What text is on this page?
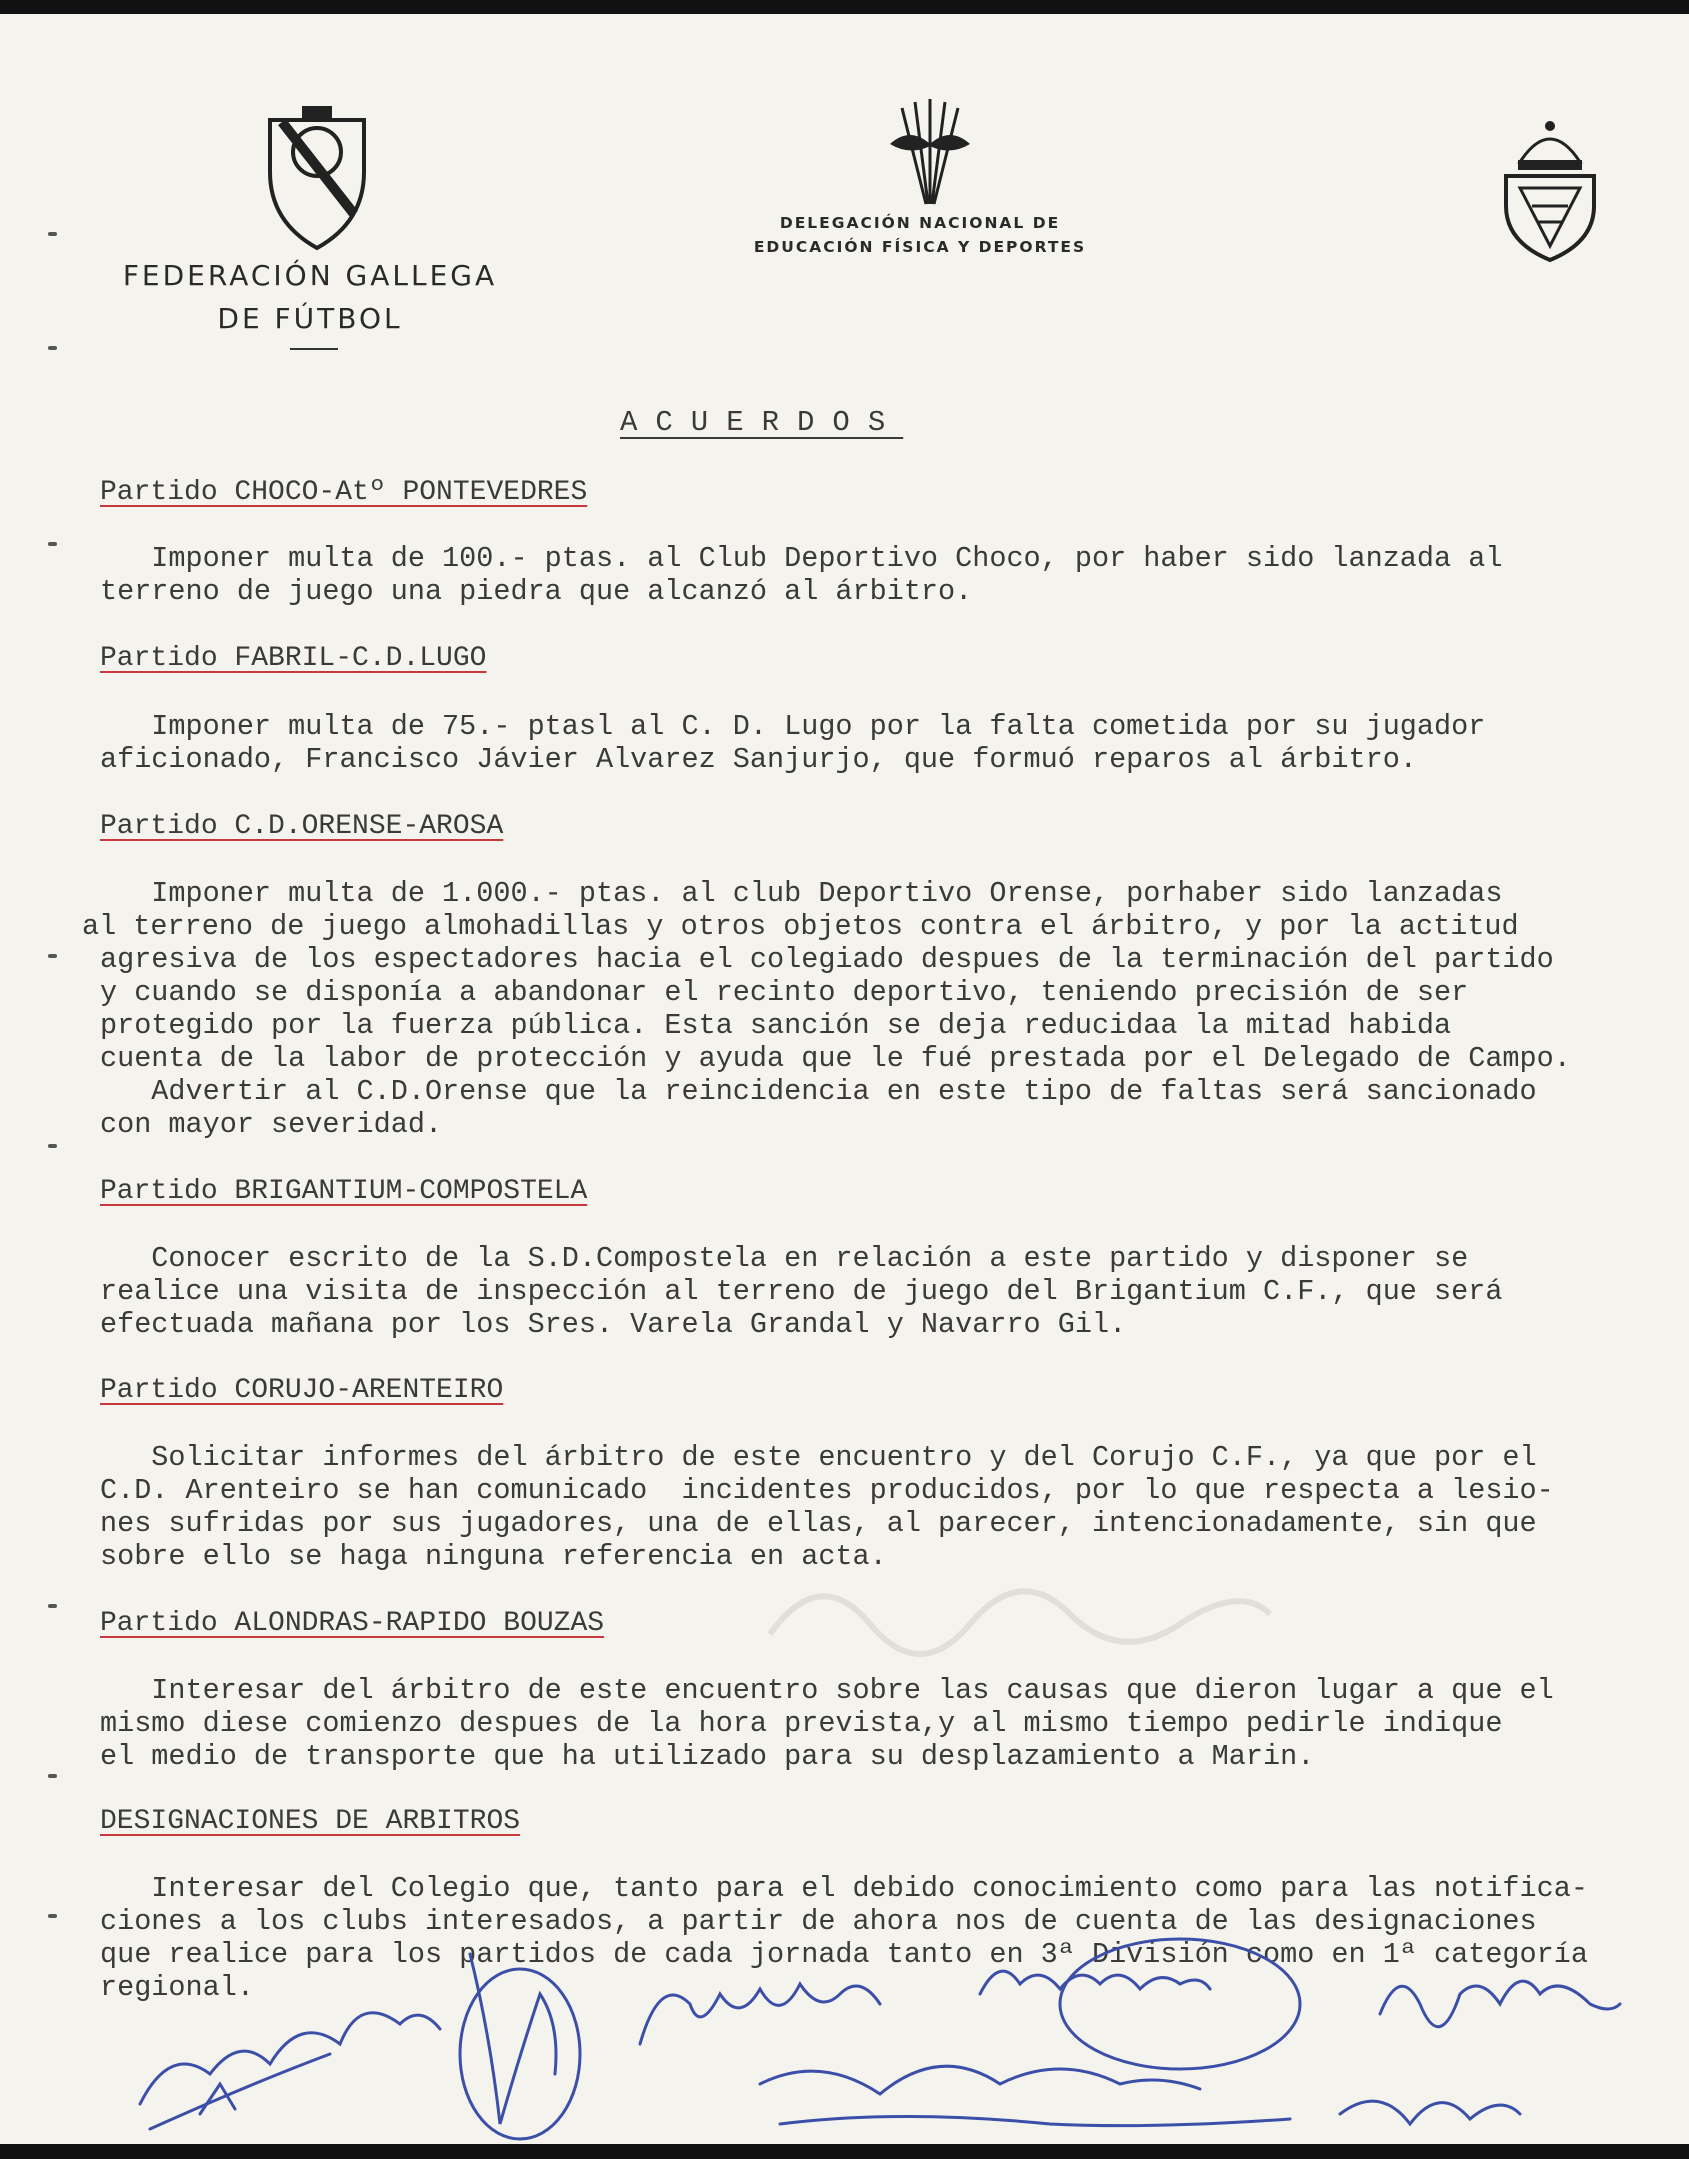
FEDERACIÓN GALLEGA
DE FÚTBOL
DELEGACIÓN NACIONAL DE
EDUCACIÓN FÍSICA Y DEPORTES
ACUERDOS
Partido CHOCO-Atº PONTEVEDRES
Imponer multa de 100.- ptas. al Club Deportivo Choco, por haber sido lanzada al
terreno de juego una piedra que alcanzó al árbitro.
Partido FABRIL-C.D.LUGO
Imponer multa de 75.- ptasl al C. D. Lugo por la falta cometida por su jugador
aficionado, Francisco Jávier Alvarez Sanjurjo, que formuó reparos al árbitro.
Partido C.D.ORENSE-AROSA
Imponer multa de 1.000.- ptas. al club Deportivo Orense, porhaber sido lanzadas
al terreno de juego almohadillas y otros objetos contra el árbitro, y por la actitud
agresiva de los espectadores hacia el colegiado despues de la terminación del partido
y cuando se disponía a abandonar el recinto deportivo, teniendo precisión de ser
protegido por la fuerza pública. Esta sanción se deja reducidaa la mitad habida
cuenta de la labor de protección y ayuda que le fué prestada por el Delegado de Campo.
Advertir al C.D.Orense que la reincidencia en este tipo de faltas será sancionado
con mayor severidad.
Partido BRIGANTIUM-COMPOSTELA
Conocer escrito de la S.D.Compostela en relación a este partido y disponer se
realice una visita de inspección al terreno de juego del Brigantium C.F., que será
efectuada mañana por los Sres. Varela Grandal y Navarro Gil.
Partido CORUJO-ARENTEIRO
Solicitar informes del árbitro de este encuentro y del Corujo C.F., ya que por el
C.D. Arenteiro se han comunicado  incidentes producidos, por lo que respecta a lesio-
nes sufridas por sus jugadores, una de ellas, al parecer, intencionadamente, sin que
sobre ello se haga ninguna referencia en acta.
Partido ALONDRAS-RAPIDO BOUZAS
Interesar del árbitro de este encuentro sobre las causas que dieron lugar a que el
mismo diese comienzo despues de la hora prevista,y al mismo tiempo pedirle indique
el medio de transporte que ha utilizado para su desplazamiento a Marin.
DESIGNACIONES DE ARBITROS
Interesar del Colegio que, tanto para el debido conocimiento como para las notifica-
ciones a los clubs interesados, a partir de ahora nos de cuenta de las designaciones
que realice para los partidos de cada jornada tanto en 3ª División como en 1ª categoría
regional.
